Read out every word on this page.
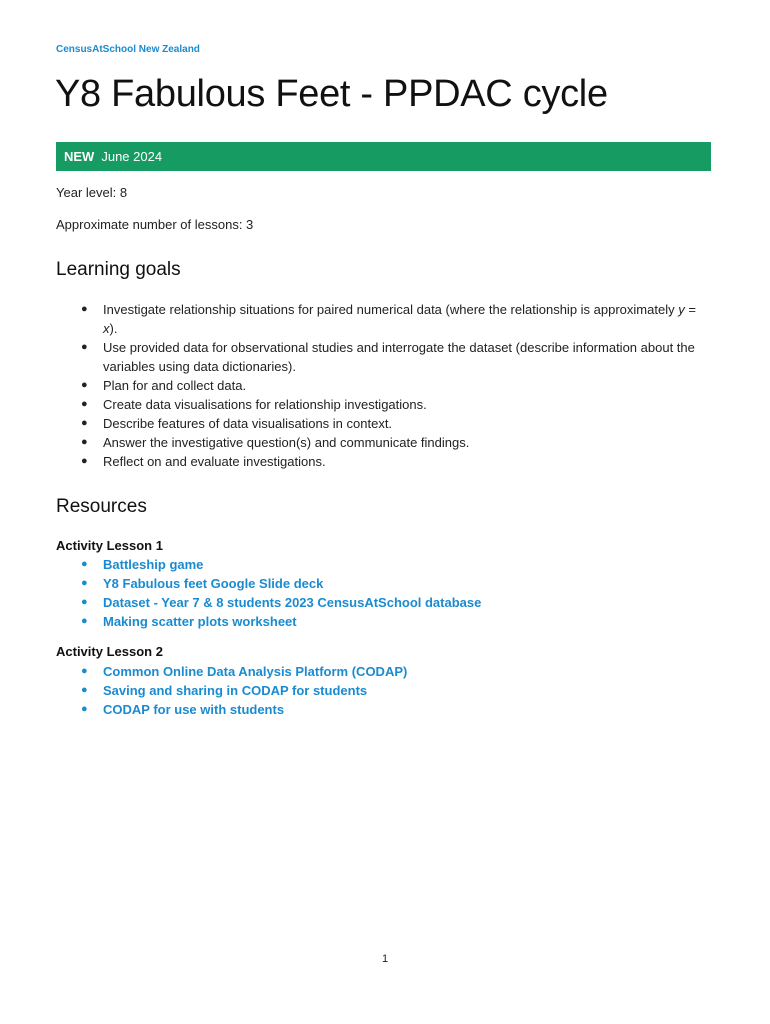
CensusAtSchool New Zealand

Y8 Fabulous Feet - PPDAC cycle
NEW June 2024

Year level: 8

Approximate number of lessons: 3

Learning goals
● Investigate relationship situations for paired numerical data (where the relationship is approximately y = x).
● Use provided data for observational studies and interrogate the dataset (describe information about the variables using data dictionaries).
● Plan for and collect data.
● Create data visualisations for relationship investigations.
● Describe features of data visualisations in context.
● Answer the investigative question(s) and communicate findings.
● Reflect on and evaluate investigations.
Resources

Activity Lesson 1

● Battleship game
● Y8 Fabulous feet Google Slide deck
● Dataset - Year 7 & 8 students 2023 CensusAtSchool database
● Making scatter plots worksheet

Activity Lesson 2

● Common Online Data Analysis Platform (CODAP)
● Saving and sharing in CODAP for students
● CODAP for use with students

1
